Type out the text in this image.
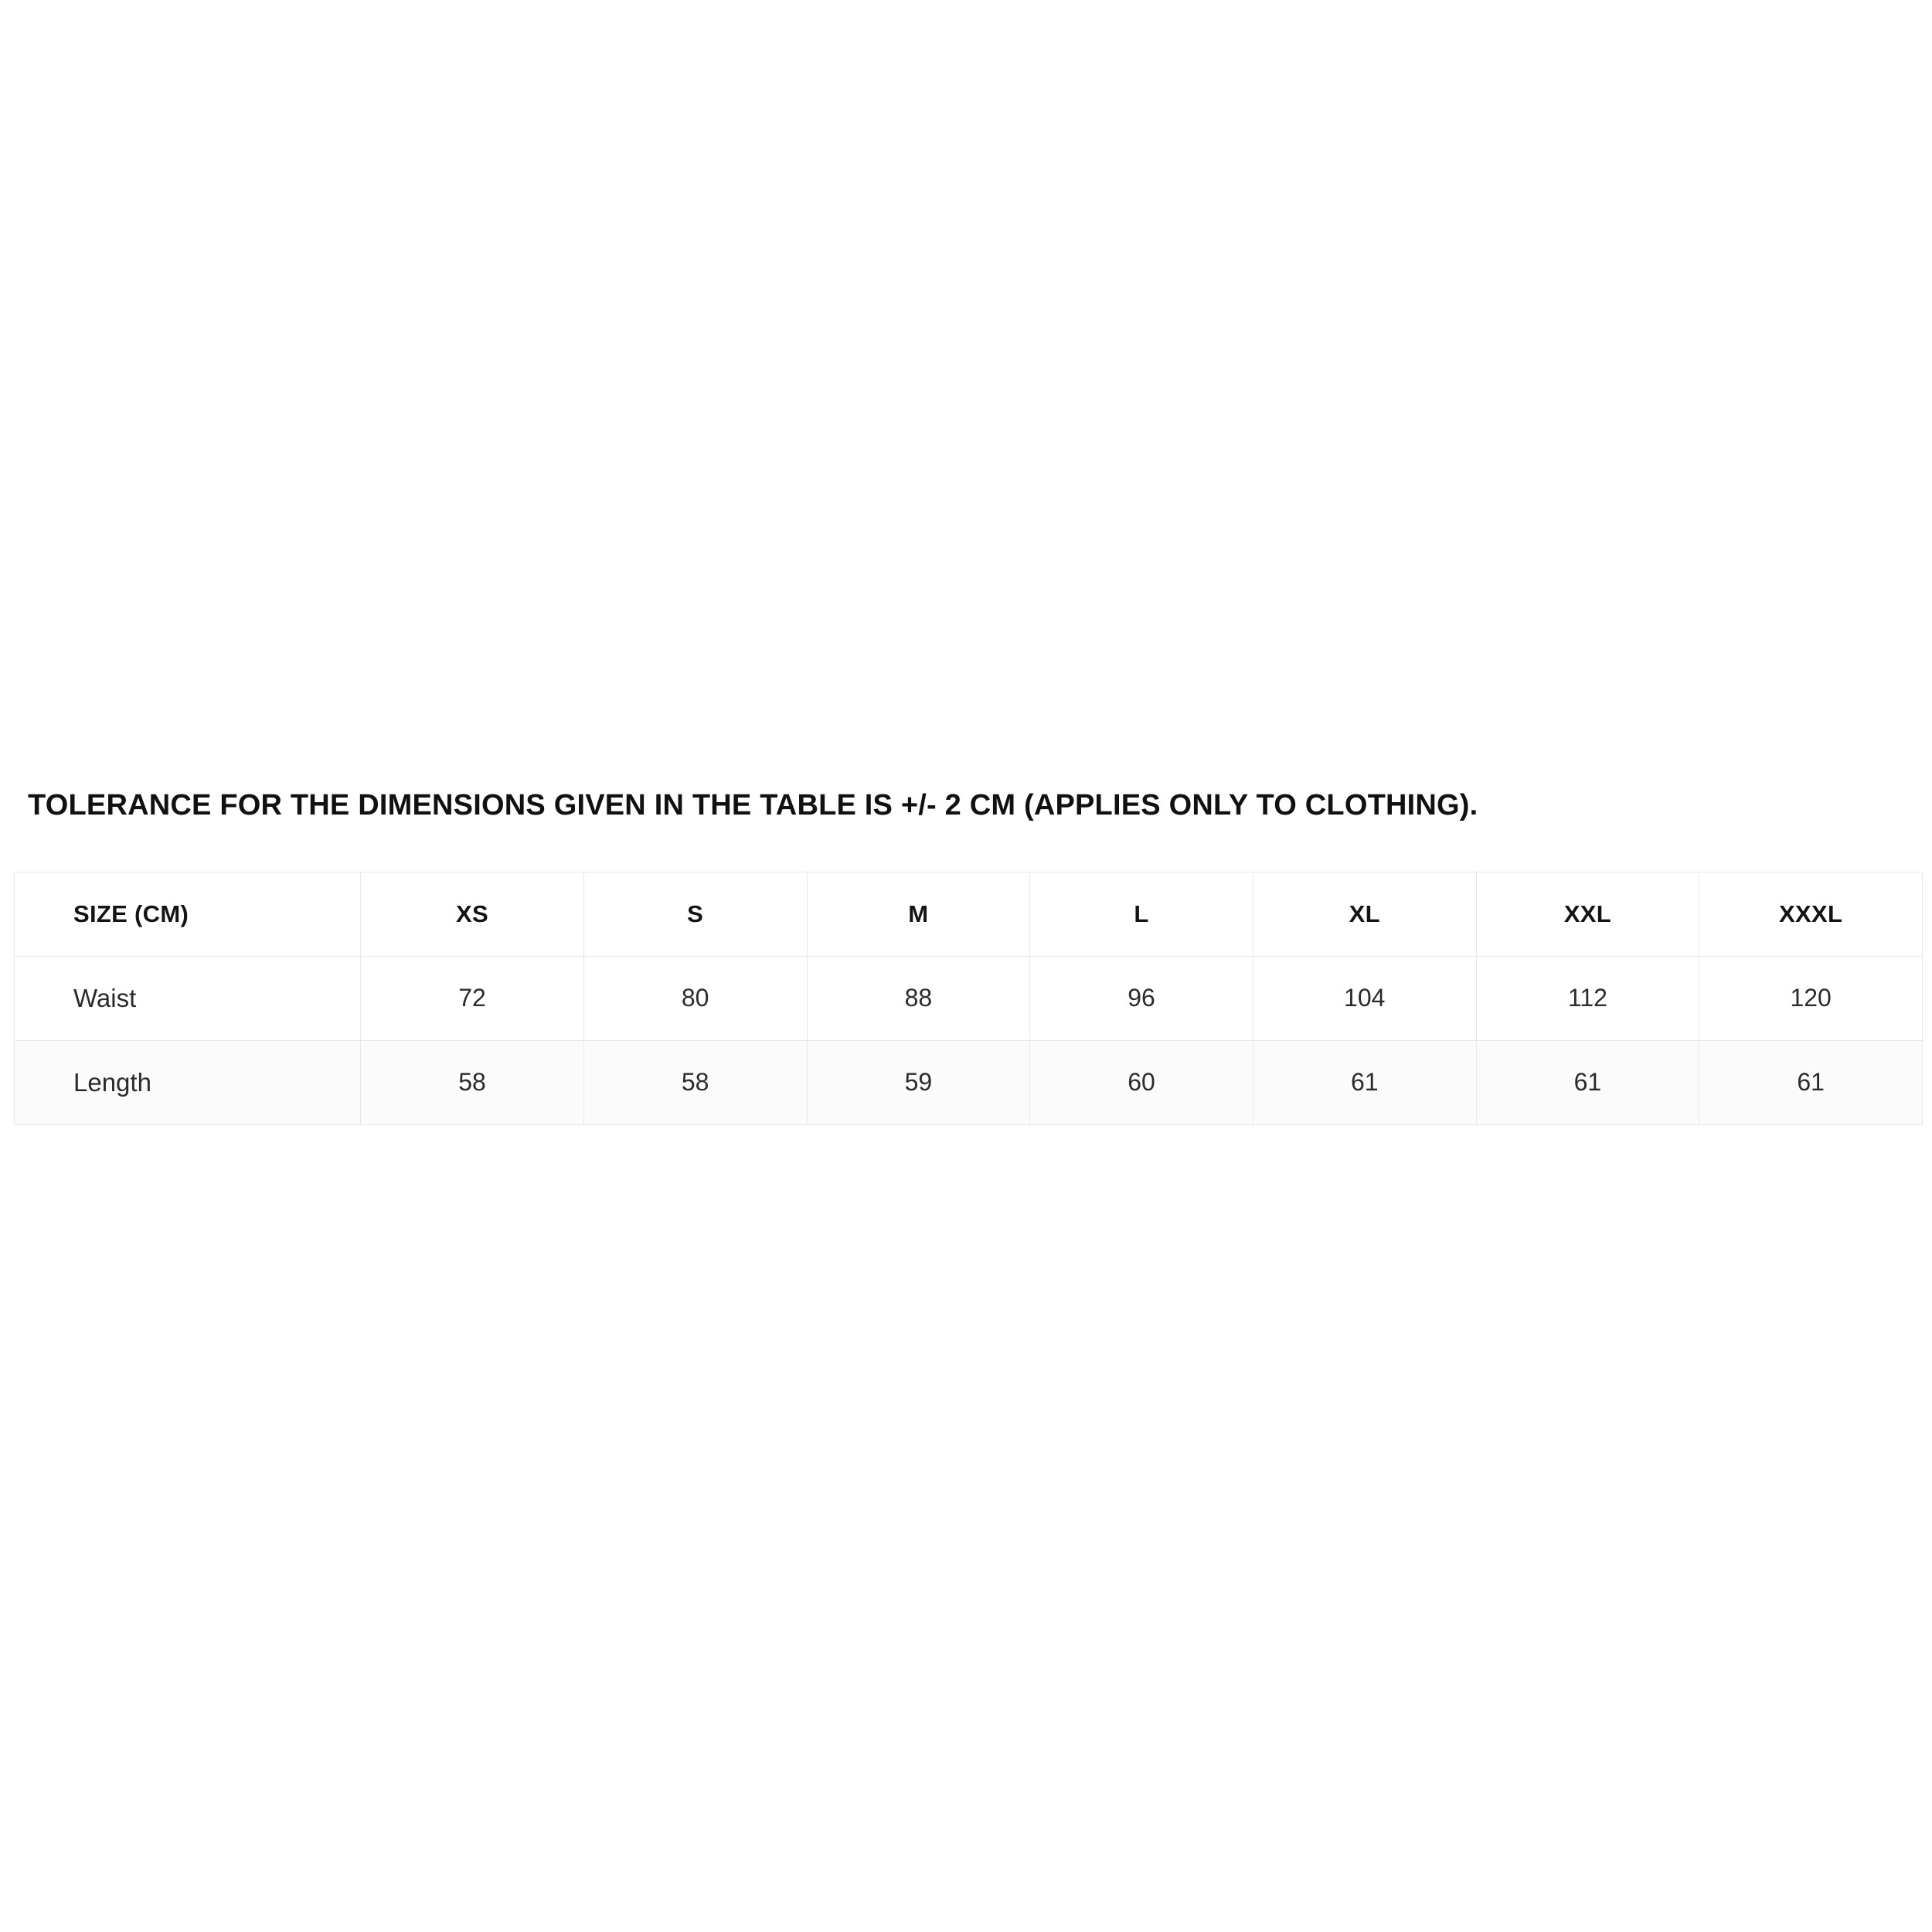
TOLERANCE FOR THE DIMENSIONS GIVEN IN THE TABLE IS +/- 2 CM (APPLIES ONLY TO CLOTHING).

SIZE (CM)	XS	S	M	L	XL	XXL	XXXL
Waist	72	80	88	96	104	112	120
Length	58	58	59	60	61	61	61
